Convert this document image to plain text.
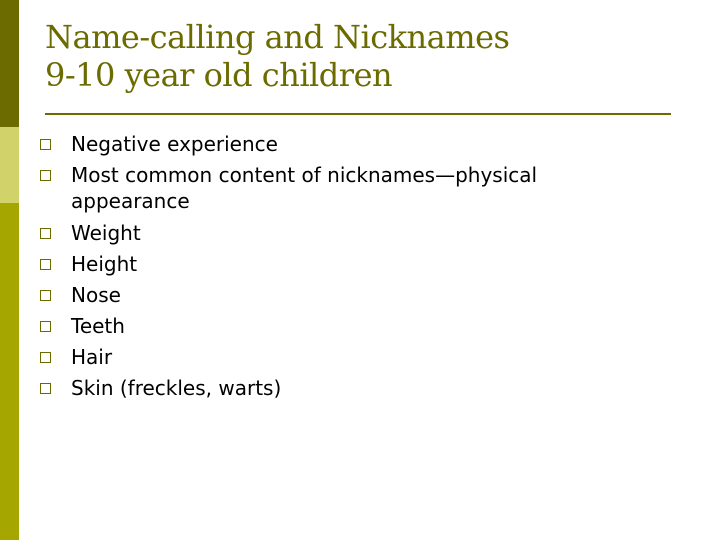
Name-calling and Nicknames
9-10 year old children
Negative experience
Most common content of nicknames—physical appearance
Weight
Height
Nose
Teeth
Hair
Skin (freckles, warts)
